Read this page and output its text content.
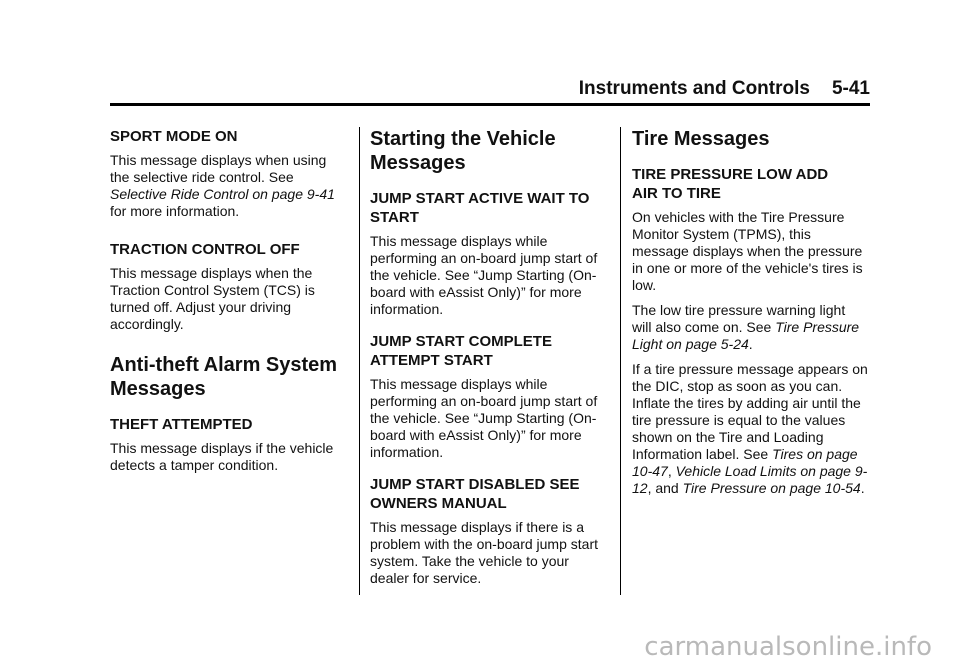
Instruments and Controls 5-41
SPORT MODE ON

This message displays when using the selective ride control. See Selective Ride Control on page 9-41 for more information.

TRACTION CONTROL OFF

This message displays when the Traction Control System (TCS) is turned off. Adjust your driving accordingly.

Anti-theft Alarm System
Messages
THEFT ATTEMPTED

This message displays if the vehicle detects a tamper condition.

Starting the Vehicle
Messages
JUMP START ACTIVE WAIT TO
START

This message displays while performing an on-board jump start of the vehicle. See “Jump Starting (On-board with eAssist Only)” for more information.

JUMP START COMPLETE
ATTEMPT START

This message displays while performing an on-board jump start of the vehicle. See “Jump Starting (On-board with eAssist Only)” for more information.

JUMP START DISABLED SEE
OWNERS MANUAL

This message displays if there is a problem with the on-board jump start system. Take the vehicle to your dealer for service.

Tire Messages
TIRE PRESSURE LOW ADD
AIR TO TIRE

On vehicles with the Tire Pressure Monitor System (TPMS), this message displays when the pressure in one or more of the vehicle's tires is low.

The low tire pressure warning light will also come on. See Tire Pressure Light on page 5-24.

If a tire pressure message appears on the DIC, stop as soon as you can. Inflate the tires by adding air until the tire pressure is equal to the values shown on the Tire and Loading Information label. See Tires on page 10-47, Vehicle Load Limits on page 9-12, and Tire Pressure on page 10-54.

carmanualsonline.info
